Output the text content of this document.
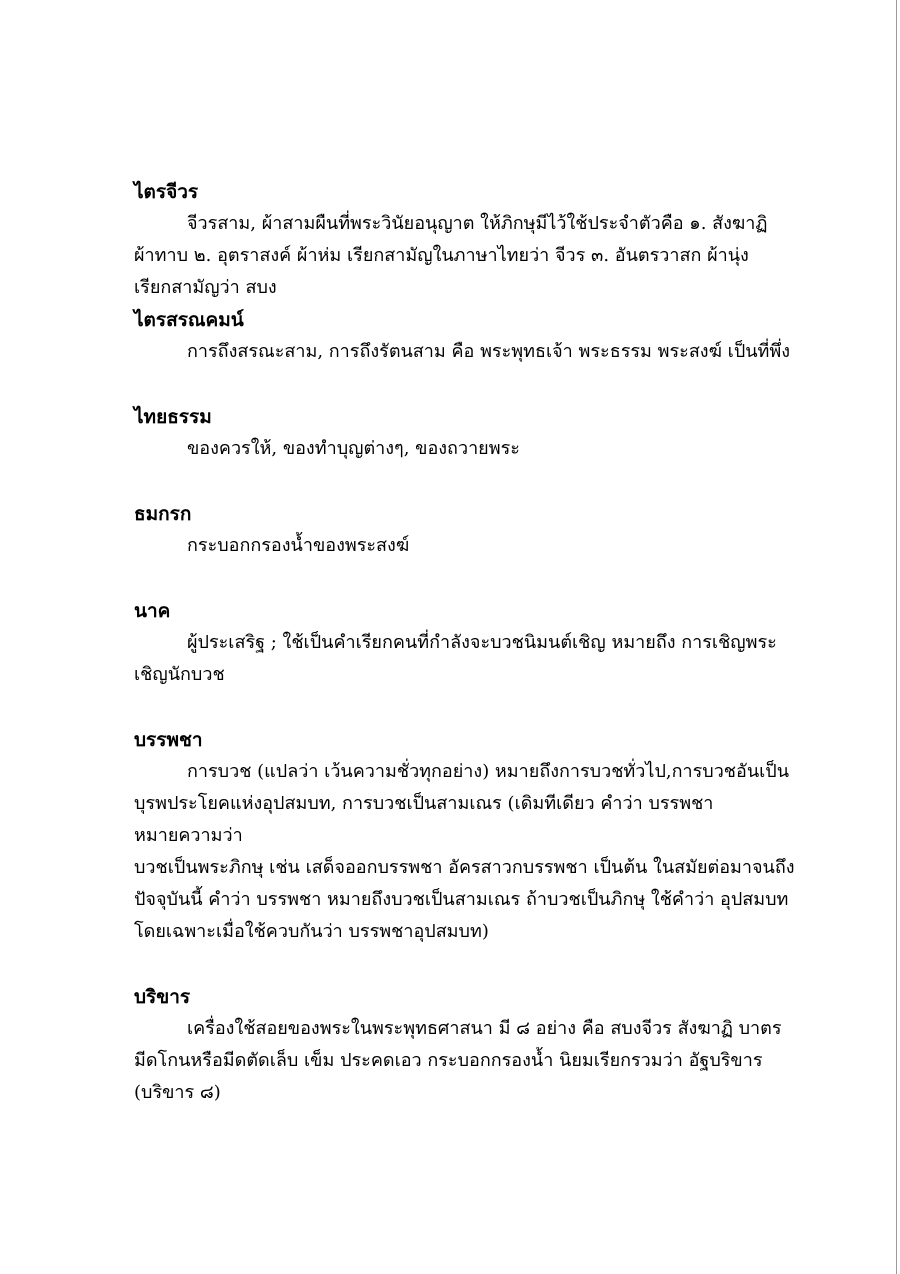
ไตรจีวร

จีวรสาม, ผ้าสามผืนที่พระวินัยอนุญาต ให้ภิกษุมีไว้ใช้ประจำตัวคือ ๑. สังฆาฏิ

ผ้าทาบ ๒. อุตราสงค์ ผ้าห่ม เรียกสามัญในภาษาไทยว่า จีวร ๓. อันตรวาสก ผ้านุ่ง

เรียกสามัญว่า สบง

ไตรสรณคมน์

การถึงสรณะสาม, การถึงรัตนสาม คือ พระพุทธเจ้า พระธรรม พระสงฆ์ เป็นที่พึ่ง

ไทยธรรม

ของควรให้, ของทำบุญต่างๆ, ของถวายพระ

ธมกรก

กระบอกกรองน้ำของพระสงฆ์

นาค

ผู้ประเสริฐ ; ใช้เป็นคำเรียกคนที่กำลังจะบวชนิมนต์เชิญ หมายถึง การเชิญพระ

เชิญนักบวช

บรรพชา

การบวช (แปลว่า เว้นความชั่วทุกอย่าง) หมายถึงการบวชทั่วไป,การบวชอันเป็น

บุรพประโยคแห่งอุปสมบท, การบวชเป็นสามเณร (เดิมทีเดียว คำว่า บรรพชา

หมายความว่า

บวชเป็นพระภิกษุ เช่น เสด็จออกบรรพชา อัครสาวกบรรพชา เป็นต้น ในสมัยต่อมาจนถึง

ปัจจุบันนี้ คำว่า บรรพชา หมายถึงบวชเป็นสามเณร ถ้าบวชเป็นภิกษุ ใช้คำว่า อุปสมบท

โดยเฉพาะเมื่อใช้ควบกันว่า บรรพชาอุปสมบท)

บริขาร

เครื่องใช้สอยของพระในพระพุทธศาสนา มี ๘ อย่าง คือ สบงจีวร สังฆาฏิ บาตร

มีดโกนหรือมีดตัดเล็บ เข็ม ประคดเอว กระบอกกรองน้ำ นิยมเรียกรวมว่า อัฐบริขาร

(บริขาร ๘)
